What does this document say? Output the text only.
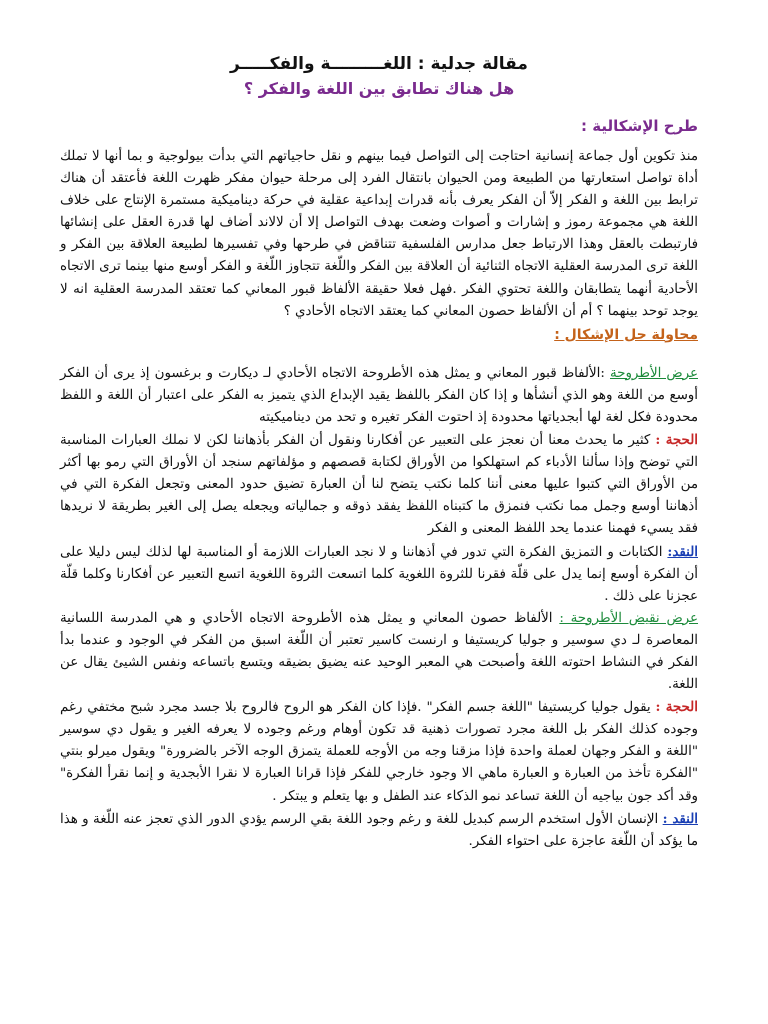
مقالة جدلية : اللغـــــــــة والفكـــــر
هل هناك تطابق بين اللغة والفكر ؟
طرح الإشكالية :

منذ تكوين أول جماعة إنسانية احتاجت إلى التواصل فيما بينهم و نقل حاجياتهم التي بدأت بيولوجية و بما أنها لا تملك أداة تواصل استعارتها من الطبيعة ومن الحيوان بانتقال الفرد إلى مرحلة حيوان مفكر ظهرت اللغة فأعتقد أن هناك ترابط بين اللغة و الفكر إلاّ أن الفكر يعرف بأنه قدرات إبداعية عقلية في حركة ديناميكية مستمرة الإنتاج على خلاف اللغة هي مجموعة رموز و إشارات و أصوات وضعت بهدف التواصل إلا أن لالاند أضاف لها قدرة العقل على إنشائها فارتبطت بالعقل وهذا الارتباط جعل مدارس الفلسفية تتناقض في طرحها وفي تفسيرها لطبيعة العلاقة بين الفكر و اللغة ترى المدرسة العقلية الاتجاه الثنائية أن العلاقة بين الفكر واللّغة تتجاوز اللّغة و الفكر أوسع منها بينما ترى الاتجاه الأحادية أنهما يتطابقان واللغة تحتوي الفكر .فهل فعلا حقيقة الألفاظ قبور المعاني كما تعتقد المدرسة العقلية انه لا يوجد توحد بينهما ؟ أم أن الألفاظ حصون المعاني كما يعتقد الاتجاه الأحادي ؟

محاولة حل الإشكال :

عرض الأطروحة :الألفاظ قبور المعاني و يمثل هذه الأطروحة الاتجاه الأحادي لـ ديكارت و برغسون إذ يرى أن الفكر أوسع من اللغة وهو الذي أنشأها و إذا كان الفكر باللفظ يقيد الإبداع الذي يتميز به الفكر على اعتبار أن اللغة و اللفظ محدودة فكل لغة لها أبجدياتها محدودة إذ احتوت الفكر تغيره و تحد من ديناميكيته

الحجة : كثير ما يحدث معنا أن نعجز على التعبير عن أفكارنا ونقول أن الفكر بأذهاننا لكن لا نملك العبارات المناسبة التي توضح وإذا سألنا الأدباء كم استهلكوا من الأوراق لكتابة قصصهم و مؤلفاتهم سنجد أن الأوراق التي رمو بها أكثر من الأوراق التي كتبوا عليها معنى أننا كلما نكتب يتضح لنا أن العبارة تضيق حدود المعنى وتجعل الفكرة التي في أذهاننا أوسع وجمل مما نكتب فنمزق ما كتبناه اللفظ يفقد ذوقه و جمالياته ويجعله يصل إلى الغير بطريقة لا نريدها فقد يسيء فهمنا عندما يحد اللفظ المعنى و الفكر

النقد: الكتابات و التمزيق الفكرة التي تدور في أذهاننا و لا نجد العبارات اللازمة أو المناسبة لها لذلك ليس دليلا على أن الفكرة أوسع إنما يدل على قلّة فقرنا للثروة اللغوية كلما اتسعت الثروة اللغوية اتسع التعبير عن أفكارنا وكلما قلّة عجزنا على ذلك .

عرض نقيض الأطروحة : الألفاظ حصون المعاني و يمثل هذه الأطروحة الاتجاه الأحادي و هي المدرسة اللسانية المعاصرة لـ دي سوسير و جوليا كريستيفا و ارنست كاسير تعتبر أن اللّغة اسبق من الفكر في الوجود و عندما بدأ الفكر في النشاط احتوته اللغة وأصبحت هي المعبر الوحيد عنه يضيق بضيقه ويتسع باتساعه ونفس الشيئ يقال عن اللغة.

الحجة : يقول جوليا كريستيفا "اللغة جسم الفكر" .فإذا كان الفكر هو الروح فالروح بلا جسد مجرد شبح مختفي رغم وجوده كذلك الفكر بل اللغة مجرد تصورات ذهنية قد تكون أوهام ورغم وجوده لا يعرفه الغير و يقول دي سوسير "اللغة و الفكر وجهان لعملة واحدة فإذا مزقنا وجه من الأوجه للعملة يتمزق الوجه الآخر بالضرورة" ويقول ميرلو بنتي "الفكرة تأخذ من العبارة و العبارة ماهي الا وجود خارجي للفكر فإذا قرانا العبارة لا نقرا الأبجدية و إنما نقرأ الفكرة" وقد أكد جون بياجيه أن اللغة تساعد نمو الذكاء عند الطفل و بها يتعلم و يبتكر .

النقد : الإنسان الأول استخدم الرسم كبديل للغة و رغم وجود اللغة بقي الرسم يؤدي الدور الذي تعجز عنه اللّغة و هذا ما يؤكد أن اللّغة عاجزة على احتواء الفكر.
